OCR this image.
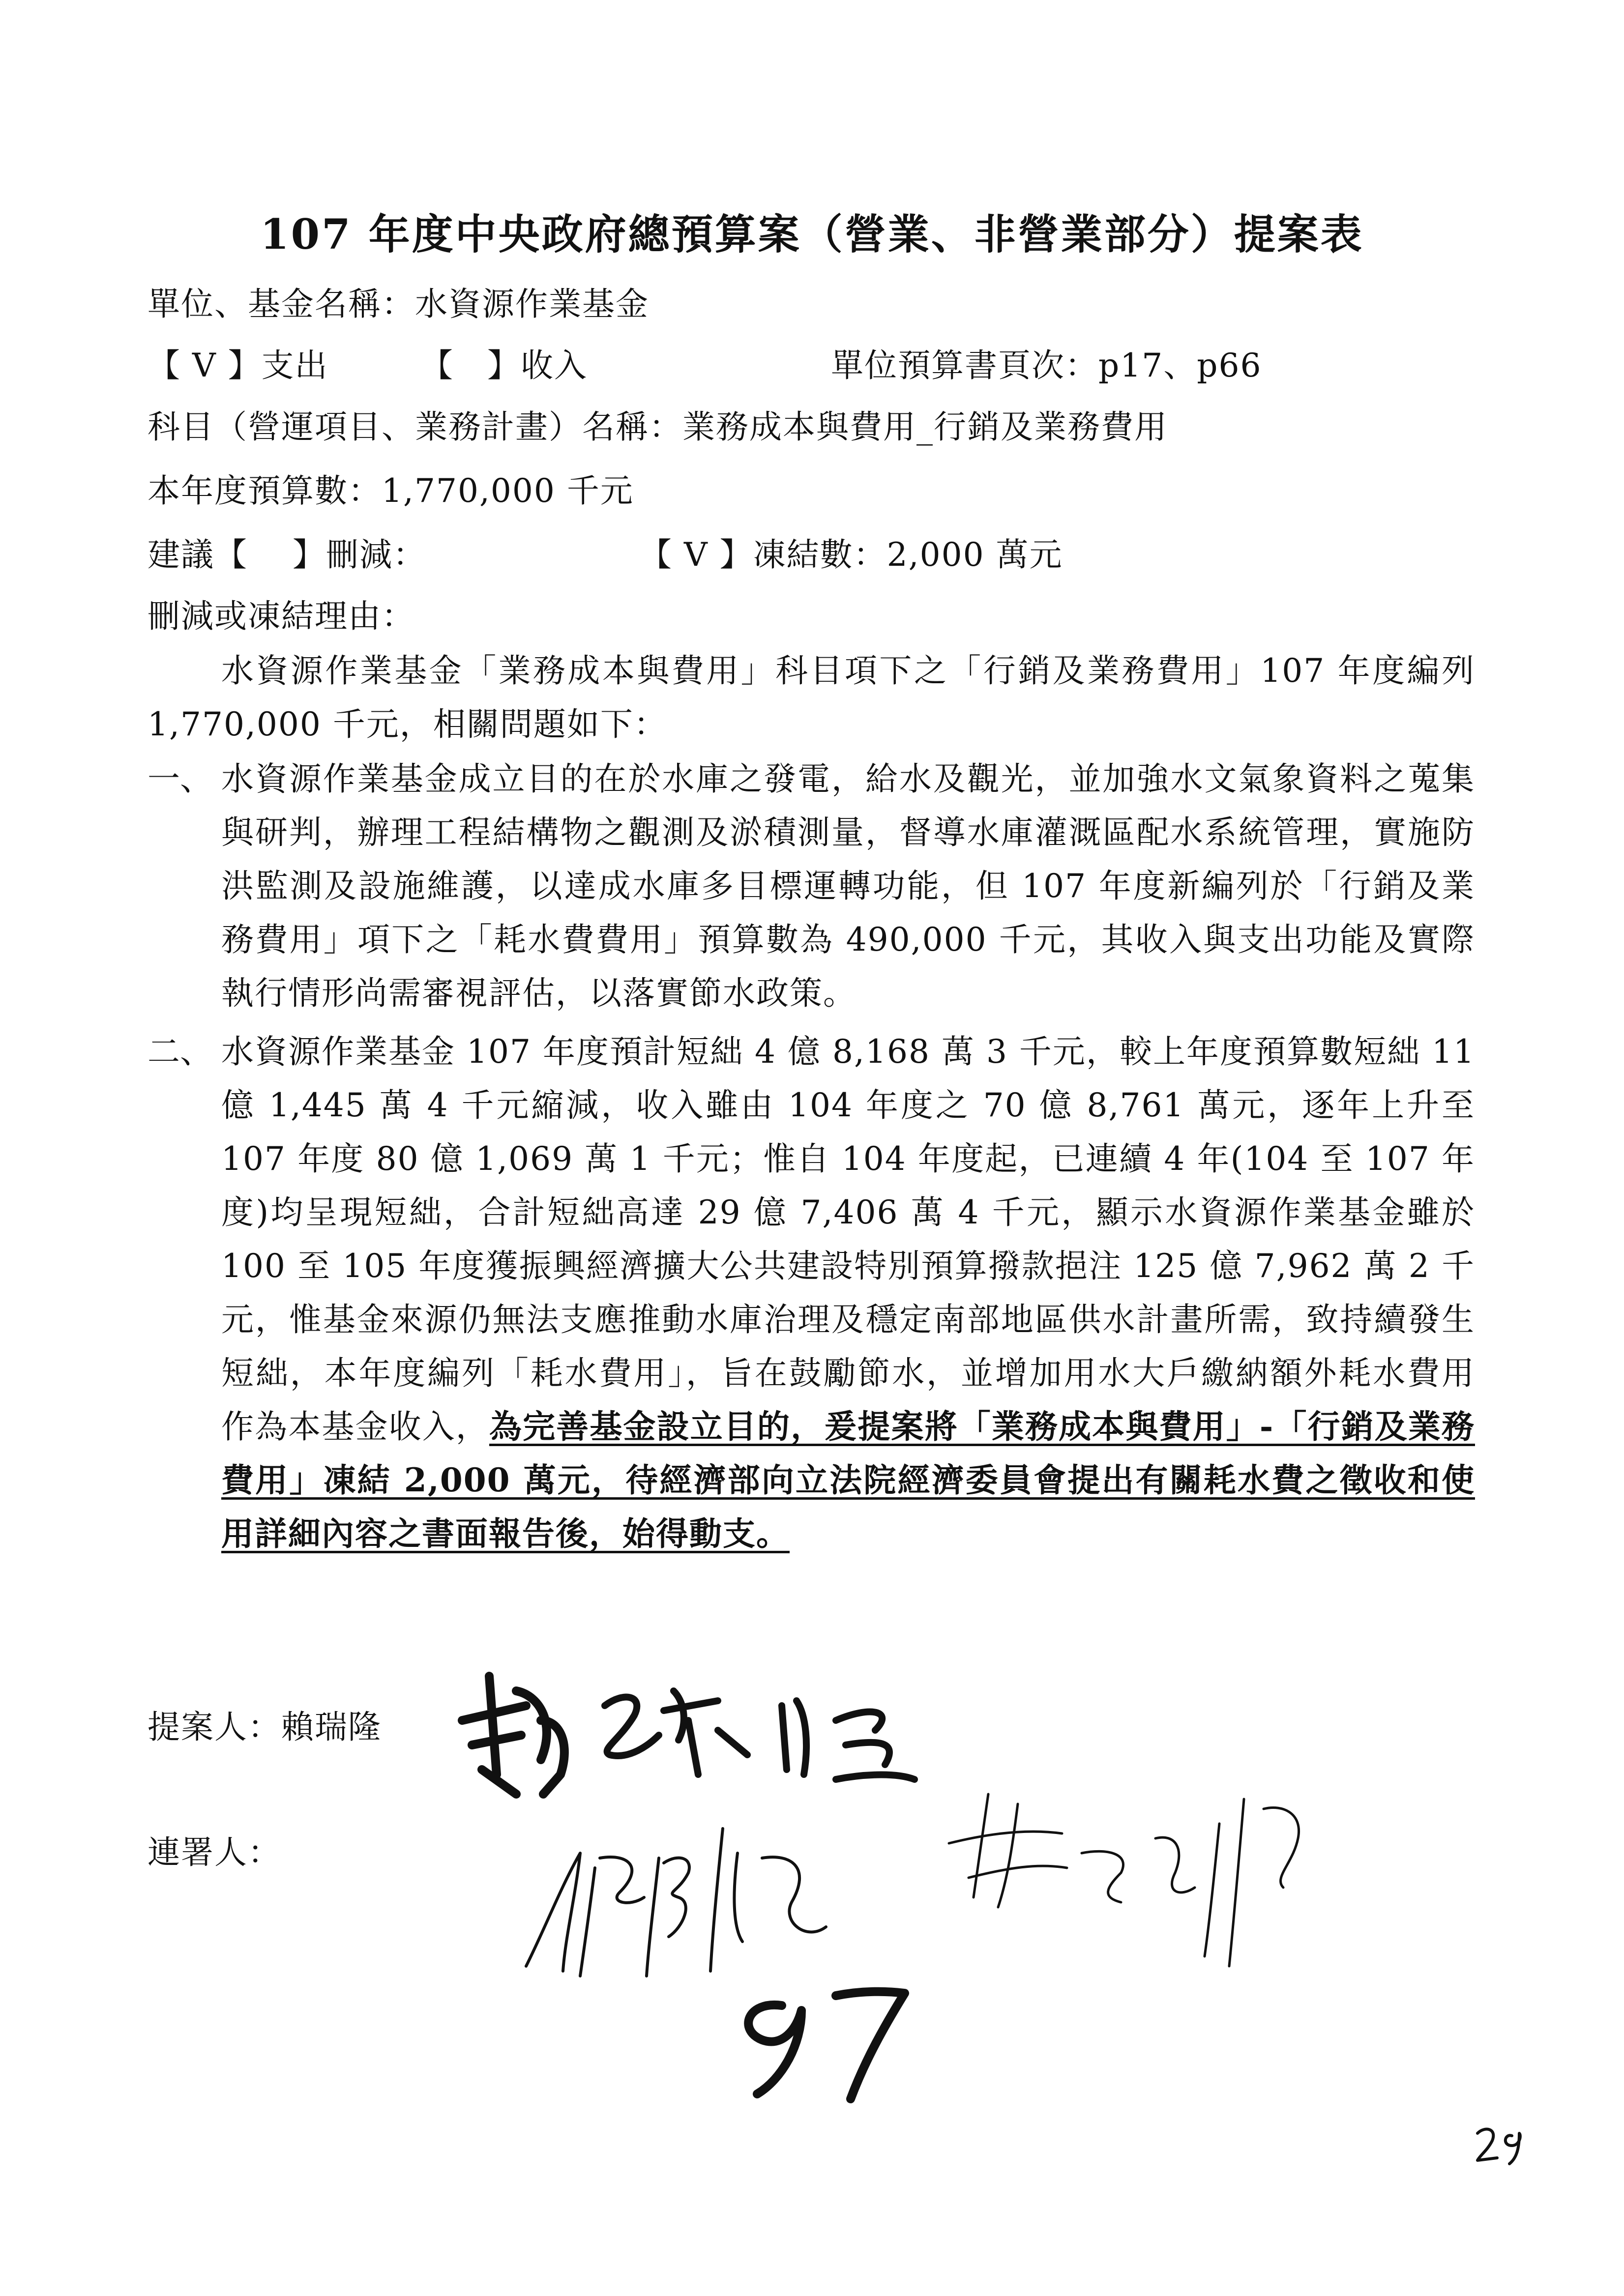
107 年度中央政府總預算案（營業、非營業部分）提案表
單位、基金名稱：水資源作業基金
【 V 】支出	【　】收入	單位預算書頁次：p17、p66
科目（營運項目、業務計畫）名稱：業務成本與費用_行銷及業務費用
本年度預算數：1,770,000 千元
建議【　 】刪減：	【 V 】凍結數：2,000 萬元
刪減或凍結理由：
水資源作業基金「業務成本與費用」科目項下之「行銷及業務費用」107 年度編列 1,770,000 千元，相關問題如下：
一、 水資源作業基金成立目的在於水庫之發電，給水及觀光，並加強水文氣象資料之蒐集與研判，辦理工程結構物之觀測及淤積測量，督導水庫灌溉區配水系統管理，實施防洪監測及設施維護，以達成水庫多目標運轉功能，但 107 年度新編列於「行銷及業務費用」項下之「耗水費費用」預算數為 490,000 千元，其收入與支出功能及實際執行情形尚需審視評估，以落實節水政策。
二、 水資源作業基金 107 年度預計短絀 4 億 8,168 萬 3 千元，較上年度預算數短絀 11 億 1,445 萬 4 千元縮減，收入雖由 104 年度之 70 億 8,761 萬元，逐年上升至 107 年度 80 億 1,069 萬 1 千元；惟自 104 年度起，已連續 4 年(104 至 107 年度)均呈現短絀，合計短絀高達 29 億 7,406 萬 4 千元，顯示水資源作業基金雖於 100 至 105 年度獲振興經濟擴大公共建設特別預算撥款挹注 125 億 7,962 萬 2 千元，惟基金來源仍無法支應推動水庫治理及穩定南部地區供水計畫所需，致持續發生短絀，本年度編列「耗水費用」，旨在鼓勵節水，並增加用水大戶繳納額外耗水費用作為本基金收入，為完善基金設立目的，爰提案將「業務成本與費用」-「行銷及業務費用」凍結 2,000 萬元，待經濟部向立法院經濟委員會提出有關耗水費之徵收和使用詳細內容之書面報告後，始得動支。
提案人：賴瑞隆
連署人：
